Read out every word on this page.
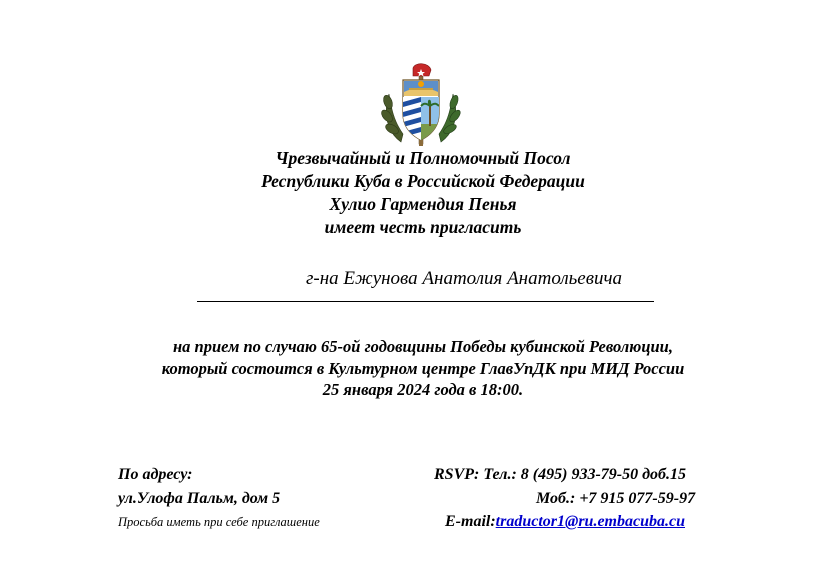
Чрезвычайный и Полномочный Посол
Республики Куба в Российской Федерации
Хулио Гармендия Пенья
имеет честь пригласить
г-на Ежунова Анатолия Анатольевича
на прием по случаю 65-ой годовщины Победы кубинской Революции,
который состоится в Культурном центре ГлавУпДК при МИД России
25 января 2024 года в 18:00.
По адресу:
ул.Улофа Пальм, дом 5
Просьба иметь при себе приглашение
RSVP: Тел.: 8 (495) 933-79-50 доб.15
Моб.: +7 915 077-59-97
E-mail:traductor1@ru.embacuba.cu
